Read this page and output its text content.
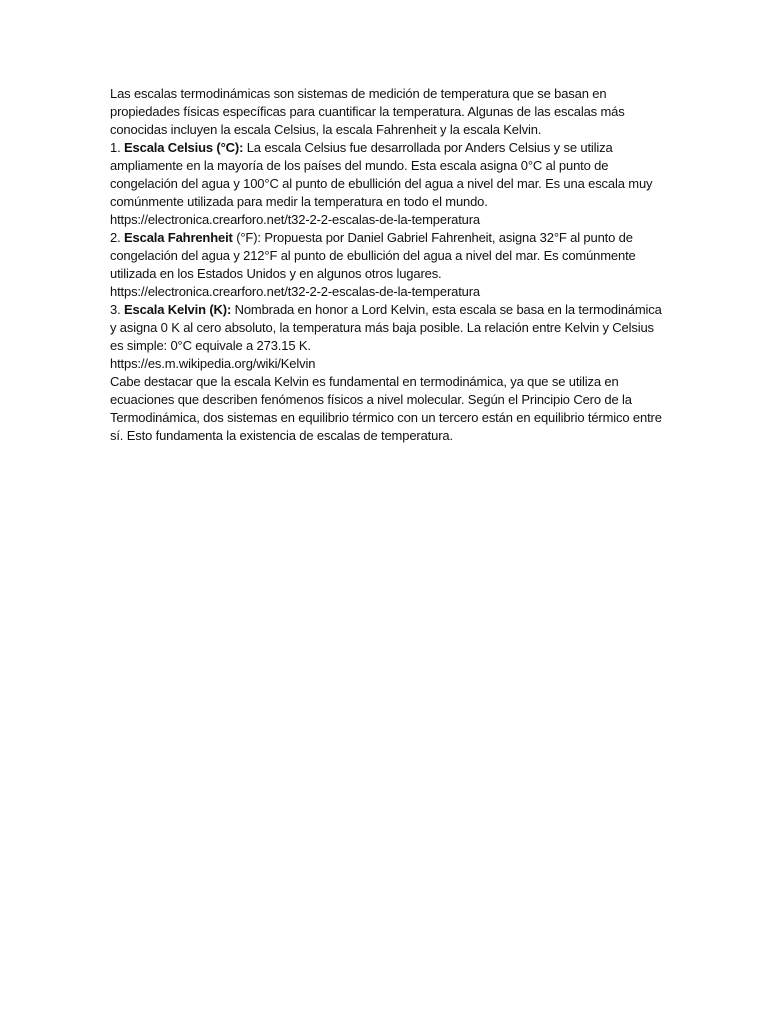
Las escalas termodinámicas son sistemas de medición de temperatura que se basan en propiedades físicas específicas para cuantificar la temperatura. Algunas de las escalas más conocidas incluyen la escala Celsius, la escala Fahrenheit y la escala Kelvin.

1. Escala Celsius (°C): La escala Celsius fue desarrollada por Anders Celsius y se utiliza ampliamente en la mayoría de los países del mundo. Esta escala asigna 0°C al punto de congelación del agua y 100°C al punto de ebullición del agua a nivel del mar. Es una escala muy comúnmente utilizada para medir la temperatura en todo el mundo.

https://electronica.crearforo.net/t32-2-2-escalas-de-la-temperatura

2. Escala Fahrenheit (°F): Propuesta por Daniel Gabriel Fahrenheit, asigna 32°F al punto de congelación del agua y 212°F al punto de ebullición del agua a nivel del mar. Es comúnmente utilizada en los Estados Unidos y en algunos otros lugares.

https://electronica.crearforo.net/t32-2-2-escalas-de-la-temperatura

3. Escala Kelvin (K): Nombrada en honor a Lord Kelvin, esta escala se basa en la termodinámica y asigna 0 K al cero absoluto, la temperatura más baja posible. La relación entre Kelvin y Celsius es simple: 0°C equivale a 273.15 K.

https://es.m.wikipedia.org/wiki/Kelvin

Cabe destacar que la escala Kelvin es fundamental en termodinámica, ya que se utiliza en ecuaciones que describen fenómenos físicos a nivel molecular. Según el Principio Cero de la Termodinámica, dos sistemas en equilibrio térmico con un tercero están en equilibrio térmico entre sí. Esto fundamenta la existencia de escalas de temperatura.
